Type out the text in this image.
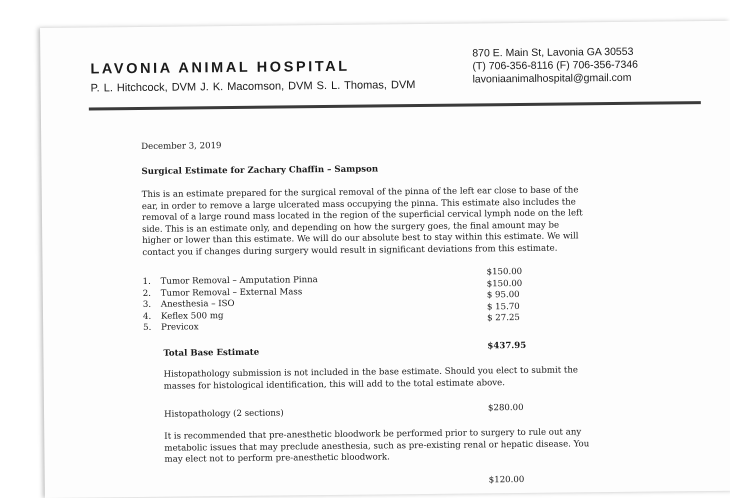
LAVONIA ANIMAL HOSPITAL
P. L. Hitchcock, DVM J. K. Macomson, DVM S. L. Thomas, DVM
870 E. Main St, Lavonia GA 30553
(T) 706-356-8116 (F) 706-356-7346
lavoniaanimalhospital@gmail.com
December 3, 2019
Surgical Estimate for Zachary Chaffin – Sampson
This is an estimate prepared for the surgical removal of the pinna of the left ear close to base of the
ear, in order to remove a large ulcerated mass occupying the pinna. This estimate also includes the
removal of a large round mass located in the region of the superficial cervical lymph node on the left
side. This is an estimate only, and depending on how the surgery goes, the final amount may be
higher or lower than this estimate. We will do our absolute best to stay within this estimate. We will
contact you if changes during surgery would result in significant deviations from this estimate.
1. Tumor Removal – Amputation Pinna
2. Tumor Removal – External Mass
3. Anesthesia – ISO
4. Keflex 500 mg
5. Previcox
$150.00
$150.00
$ 95.00
$ 15.70
$ 27.25
Total Base Estimate
$437.95
Histopathology submission is not included in the base estimate. Should you elect to submit the
masses for histological identification, this will add to the total estimate above.
Histopathology (2 sections)
$280.00
It is recommended that pre-anesthetic bloodwork be performed prior to surgery to rule out any
metabolic issues that may preclude anesthesia, such as pre-existing renal or hepatic disease. You
may elect not to perform pre-anesthetic bloodwork.
$120.00
